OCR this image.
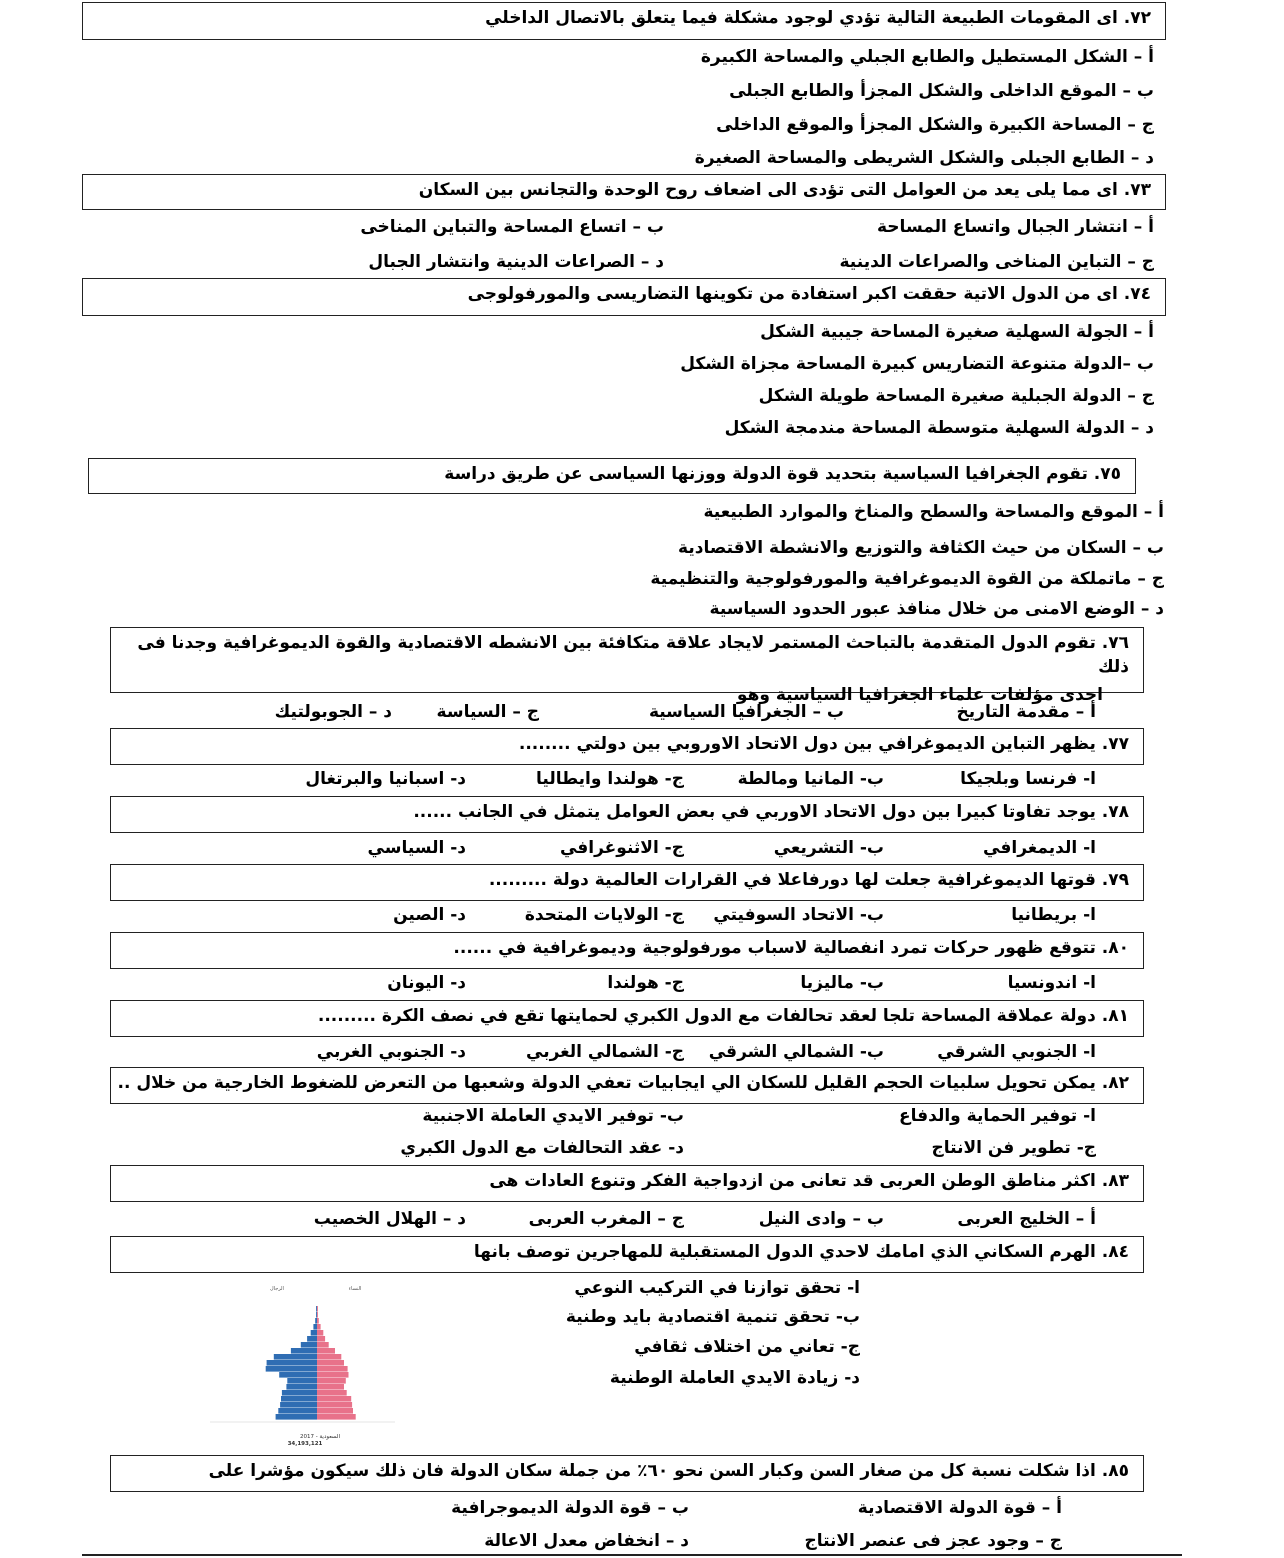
٧٢. اى المقومات الطبيعة التالية تؤدي لوجود مشكلة فيما يتعلق بالاتصال الداخلي
أ – الشكل المستطيل والطابع الجبلي والمساحة الكبيرة
ب – الموقع الداخلى والشكل المجزأ والطابع الجبلى
ج – المساحة الكبيرة والشكل المجزأ والموقع الداخلى
د – الطابع الجبلى والشكل الشريطى والمساحة الصغيرة
٧٣. اى مما يلى يعد من العوامل التى تؤدى الى اضعاف روح الوحدة والتجانس بين السكان
أ – انتشار الجبال واتساع المساحة
ب – اتساع المساحة والتباين المناخى
ج – التباين المناخى والصراعات الدينية
د – الصراعات الدينية وانتشار الجبال
٧٤. اى من الدول الاتية حققت اكبر استفادة من تكوينها التضاريسى والمورفولوجى
أ – الجولة السهلية صغيرة المساحة جيبية الشكل
ب –الدولة متنوعة التضاريس كبيرة المساحة مجزاة الشكل
ج – الدولة الجبلية صغيرة المساحة طويلة الشكل
د – الدولة السهلية متوسطة المساحة مندمجة الشكل
٧٥. تقوم الجغرافيا السياسية بتحديد قوة الدولة ووزنها السياسى عن طريق دراسة
أ – الموقع والمساحة والسطح والمناخ والموارد الطبيعية
ب – السكان من حيث الكثافة والتوزيع والانشطة الاقتصادية
ج – ماتملكة من القوة الديموغرافية والمورفولوجية والتنظيمية
د – الوضع الامنى من خلال منافذ عبور الحدود السياسية
٧٦. تقوم الدول المتقدمة بالتباحث المستمر لايجاد علاقة متكافئة بين الانشطه الاقتصادية والقوة الديموغرافية وجدنا فى ذلك
احدى مؤلفات علماء الجغرافيا السياسية وهو
أ – مقدمة التاريخ
ب – الجغرافيا السياسية
ج – السياسة
د – الجوبولتيك
٧٧. يظهر التباين الديموغرافي بين دول الاتحاد الاوروبي بين دولتي ........
ا- فرنسا وبلجيكا
ب- المانيا ومالطة
ج- هولندا وايطاليا
د- اسبانيا والبرتغال
٧٨. يوجد تفاوتا كبيرا بين دول الاتحاد الاوربي في بعض العوامل يتمثل في الجانب ......
ا- الديمغرافي
ب- التشريعي
ج- الاثنوغرافي
د- السياسي
٧٩. قوتها الديموغرافية جعلت لها دورفاعلا في القرارات العالمية دولة .........
ا- بريطانيا
ب- الاتحاد السوفيتي
ج- الولايات المتحدة
د- الصين
٨٠. تتوقع ظهور حركات تمرد انفصالية لاسباب مورفولوجية وديموغرافية في ......
ا- اندونسيا
ب- ماليزيا
ج- هولندا
د- اليونان
٨١. دولة عملاقة المساحة تلجا لعقد تحالفات مع الدول الكبري لحمايتها تقع في نصف الكرة .........
ا- الجنوبي الشرقي
ب- الشمالي الشرقي
ج- الشمالي الغربي
د- الجنوبي الغربي
٨٢. يمكن تحويل سلبيات الحجم القليل للسكان الي ايجابيات تعفي الدولة وشعبها من التعرض للضغوط الخارجية من خلال ..
ا- توفير الحماية والدفاع
ب- توفير الايدي العاملة الاجنبية
ج- تطوير فن الانتاج
د- عقد التحالفات مع الدول الكبري
٨٣. اكثر مناطق الوطن العربى قد تعانى من ازدواجية الفكر وتنوع العادات هى
أ – الخليج العربى
ب – وادى النيل
ج – المغرب العربى
د – الهلال الخصيب
٨٤. الهرم السكاني الذي امامك لاحدي الدول المستقبلية للمهاجرين توصف بانها
ا- تحقق توازنا في التركيب النوعي
ب- تحقق تنمية اقتصادية بايد وطنية
ج- تعاني من اختلاف ثقافي
د- زيادة الايدي العاملة الوطنية
الرجال	النساء
السعودية - 2017
34,193,121
٨٥. اذا شكلت نسبة كل من صغار السن وكبار السن نحو ٦٠٪ من جملة سكان الدولة فان ذلك سيكون مؤشرا على
أ – قوة الدولة الاقتصادية
ب – قوة الدولة الديموجرافية
ج – وجود عجز فى عنصر الانتاج
د – انخفاض معدل الاعالة
